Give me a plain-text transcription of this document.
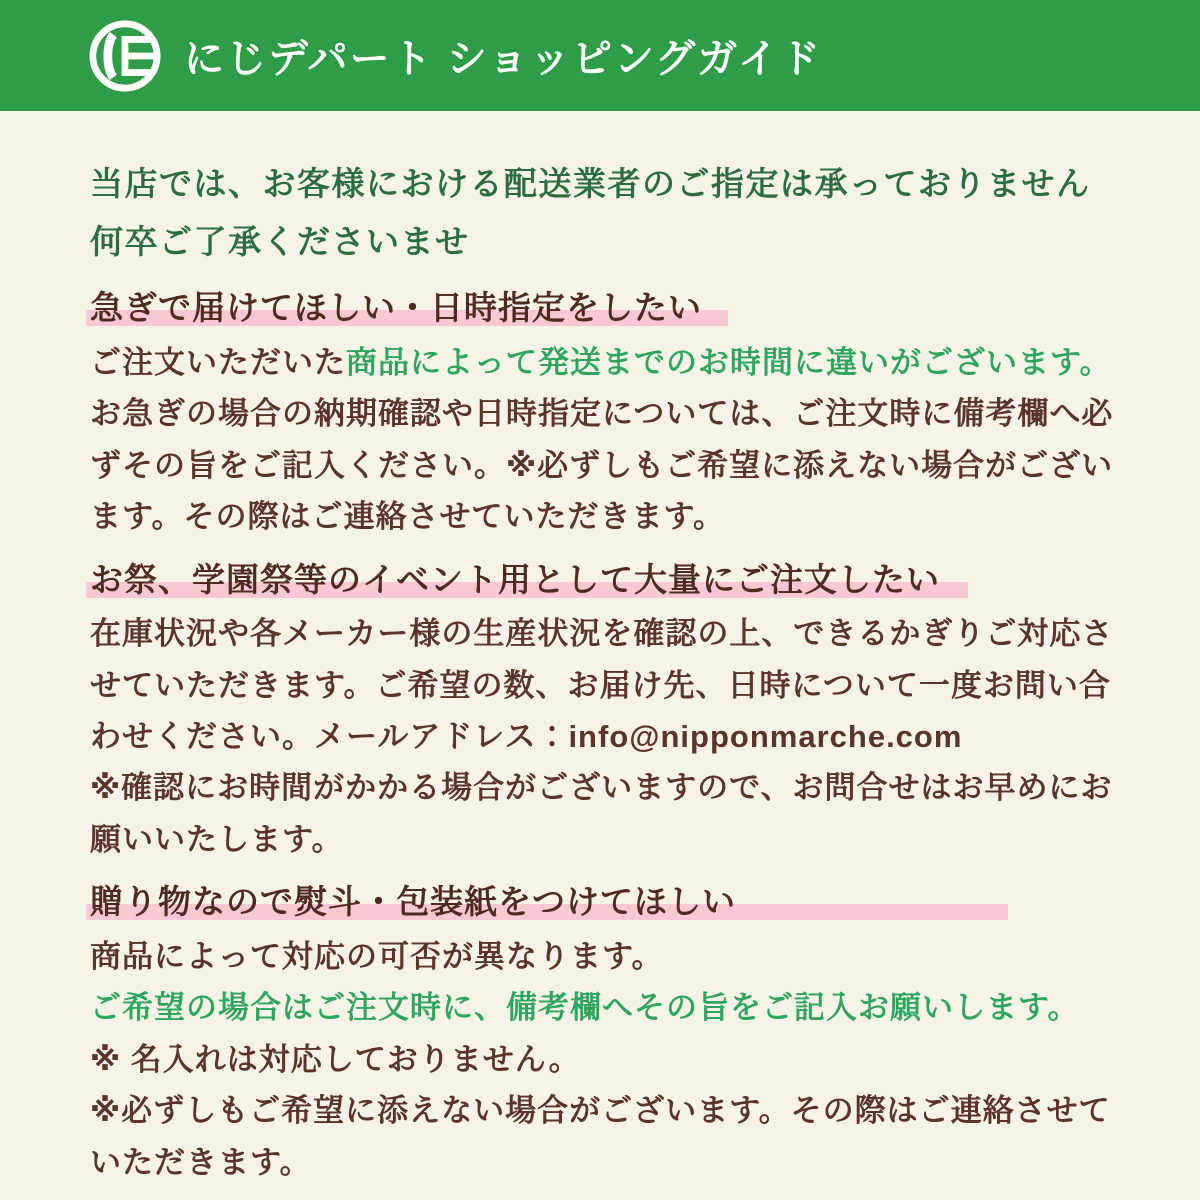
にじデパート ショッピングガイド

当店では、お客様における配送業者のご指定は承っておりません

何卒ご了承くださいませ

急ぎで届けてほしい・日時指定をしたい

ご注文いただいた商品によって発送までのお時間に違いがございます。お急ぎの場合の納期確認や日時指定については、ご注文時に備考欄へ必ずその旨をご記入ください。※必ずしもご希望に添えない場合がございます。その際はご連絡させていただきます。

お祭、学園祭等のイベント用として大量にご注文したい

在庫状況や各メーカー様の生産状況を確認の上、できるかぎりご対応させていただきます。ご希望の数、お届け先、日時について一度お問い合わせください。メールアドレス：info@nipponmarche.com

※確認にお時間がかかる場合がございますので、お問合せはお早めにお願いいたします。

贈り物なので熨斗・包装紙をつけてほしい

商品によって対応の可否が異なります。

ご希望の場合はご注文時に、備考欄へその旨をご記入お願いします。

※ 名入れは対応しておりません。

※必ずしもご希望に添えない場合がございます。その際はご連絡させていただきます。
